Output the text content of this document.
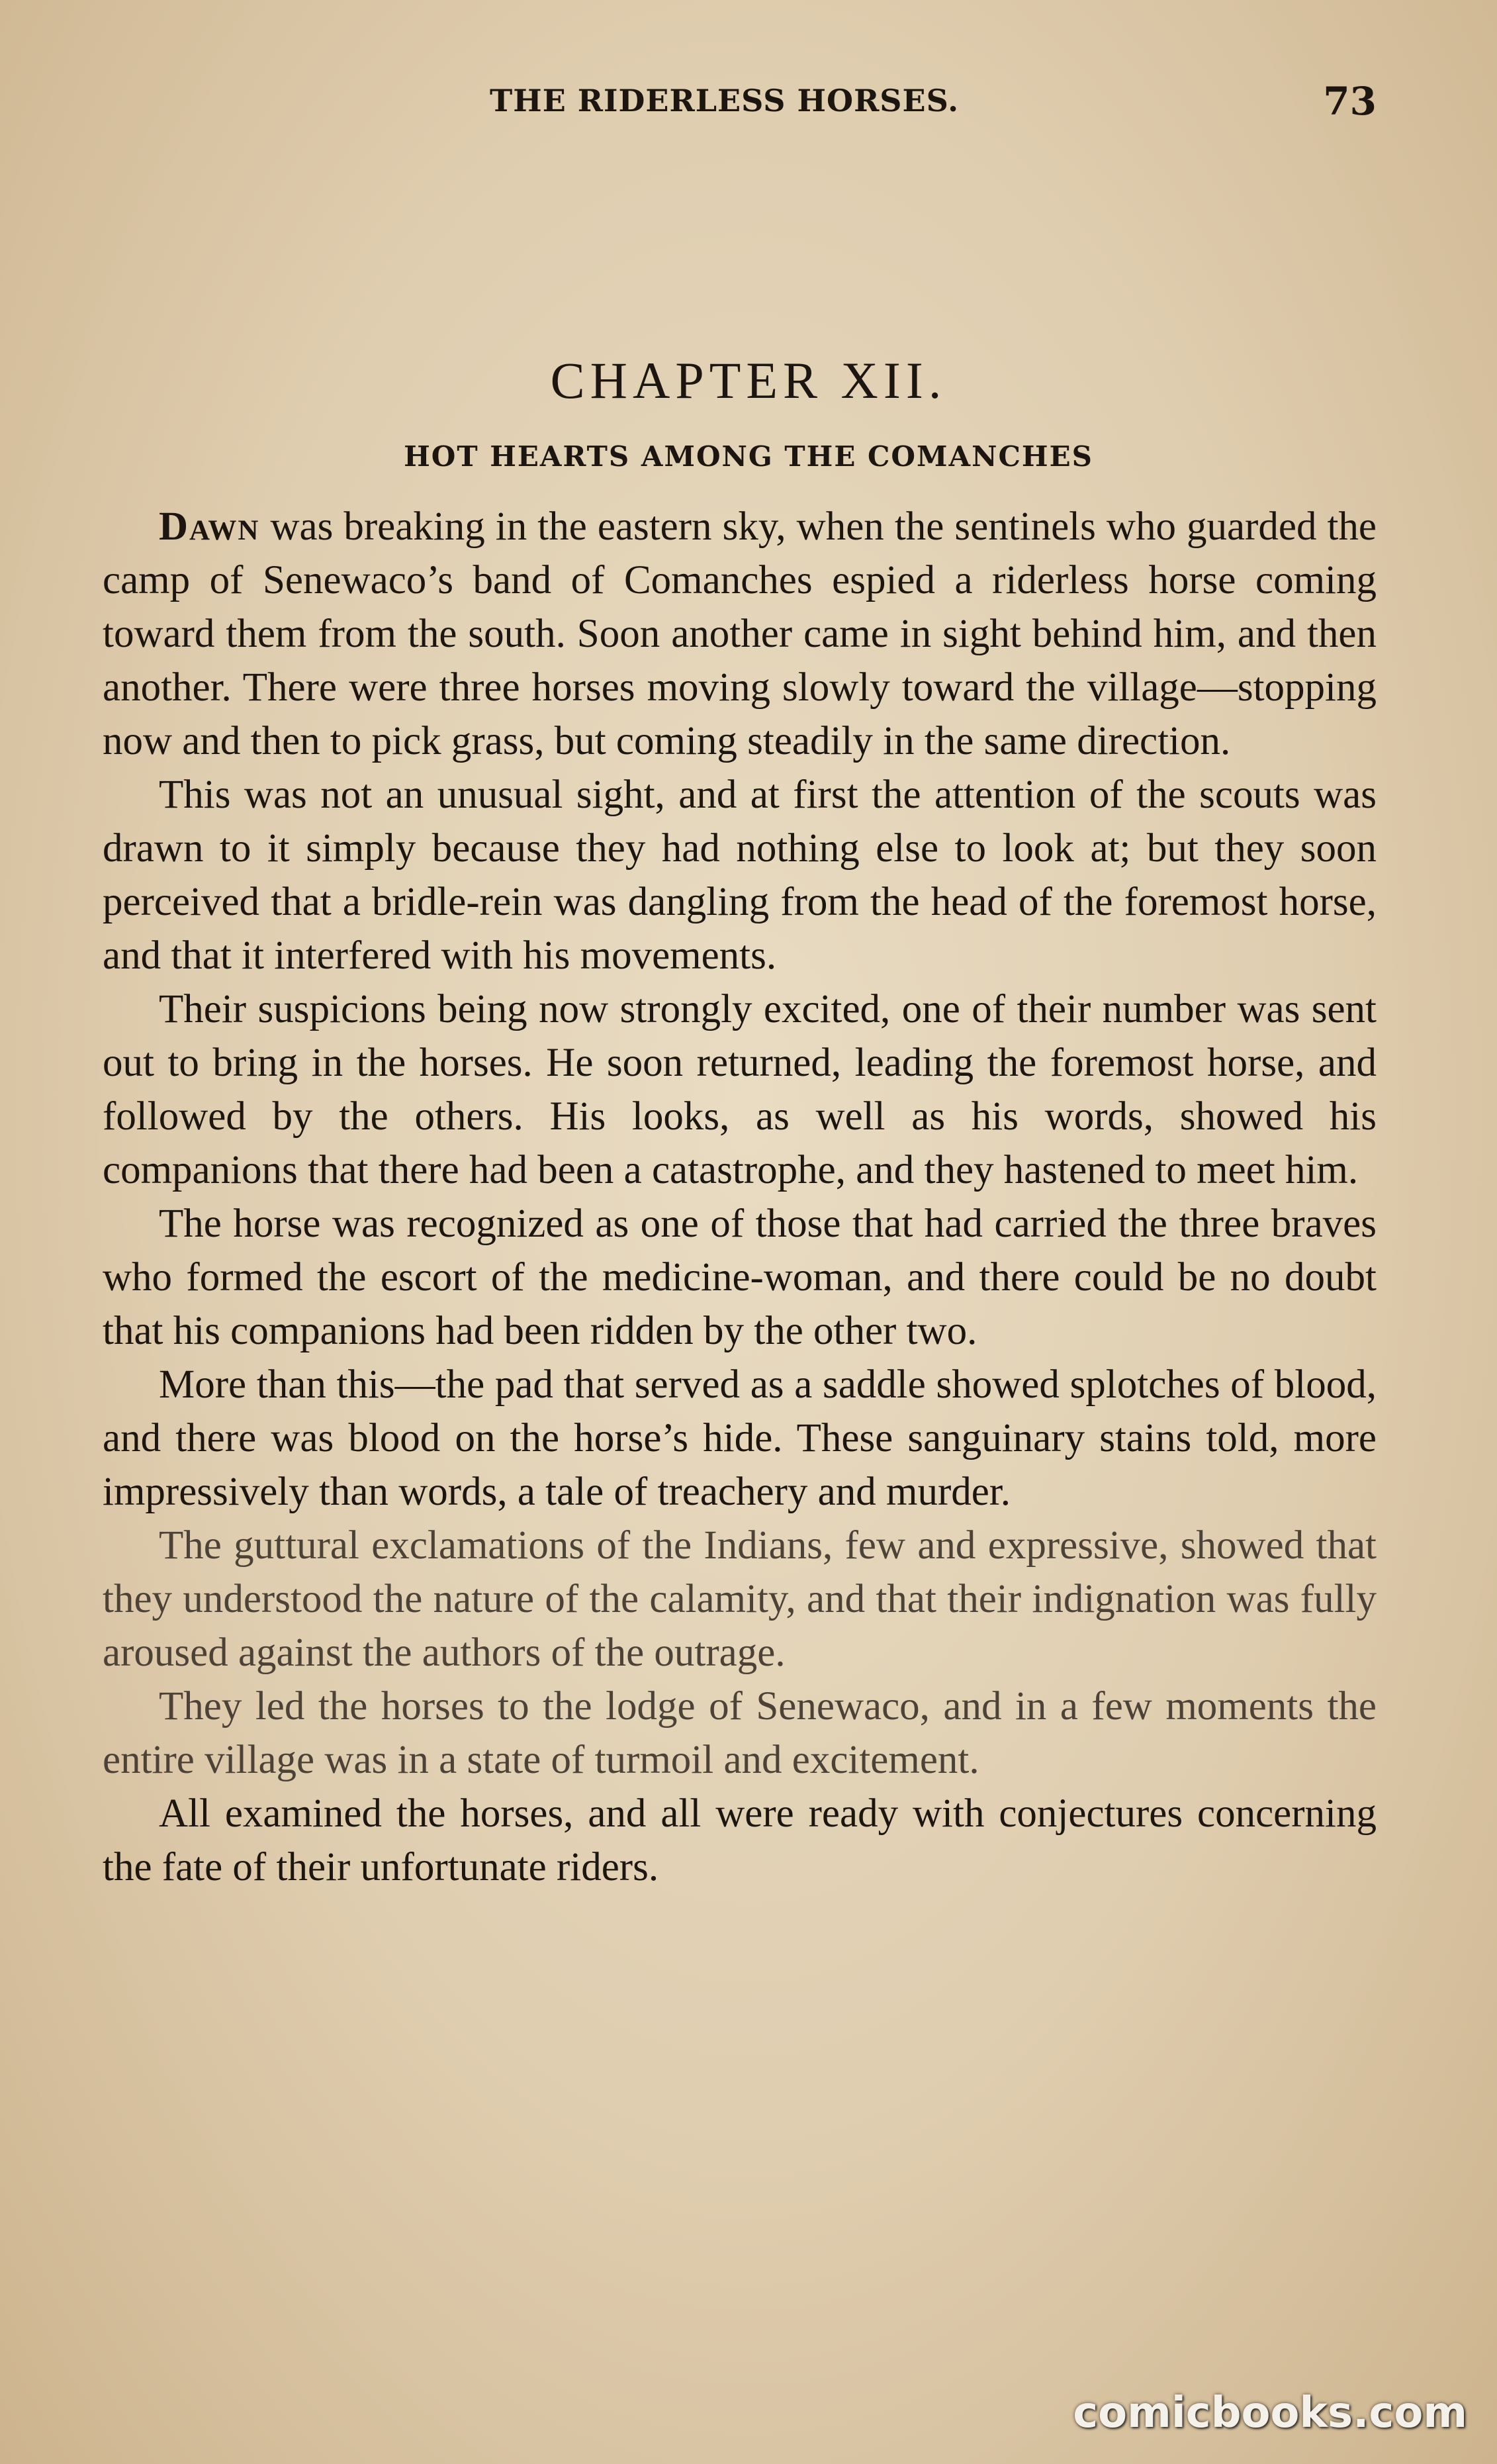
THE RIDERLESS HORSES.	73
CHAPTER XII.
HOT HEARTS AMONG THE COMANCHES

Dawn was breaking in the eastern sky, when the sentinels who guarded the camp of Senewaco’s band of Comanches espied a riderless horse coming toward them from the south. Soon another came in sight behind him, and then another. There were three horses moving slowly toward the village—stopping now and then to pick grass, but coming steadily in the same direction.

This was not an unusual sight, and at first the attention of the scouts was drawn to it simply because they had nothing else to look at; but they soon perceived that a bridle-rein was dangling from the head of the foremost horse, and that it interfered with his movements.

Their suspicions being now strongly excited, one of their number was sent out to bring in the horses. He soon returned, leading the foremost horse, and followed by the others. His looks, as well as his words, showed his companions that there had been a catastrophe, and they hastened to meet him.

The horse was recognized as one of those that had carried the three braves who formed the escort of the medicine-woman, and there could be no doubt that his companions had been ridden by the other two.

More than this—the pad that served as a saddle showed splotches of blood, and there was blood on the horse’s hide. These sanguinary stains told, more impressively than words, a tale of treachery and murder.

The guttural exclamations of the Indians, few and expressive, showed that they understood the nature of the calamity, and that their indignation was fully aroused against the authors of the outrage.

They led the horses to the lodge of Senewaco, and in a few moments the entire village was in a state of turmoil and excitement.

All examined the horses, and all were ready with conjectures concerning the fate of their unfortunate riders.

comicbooks.com
